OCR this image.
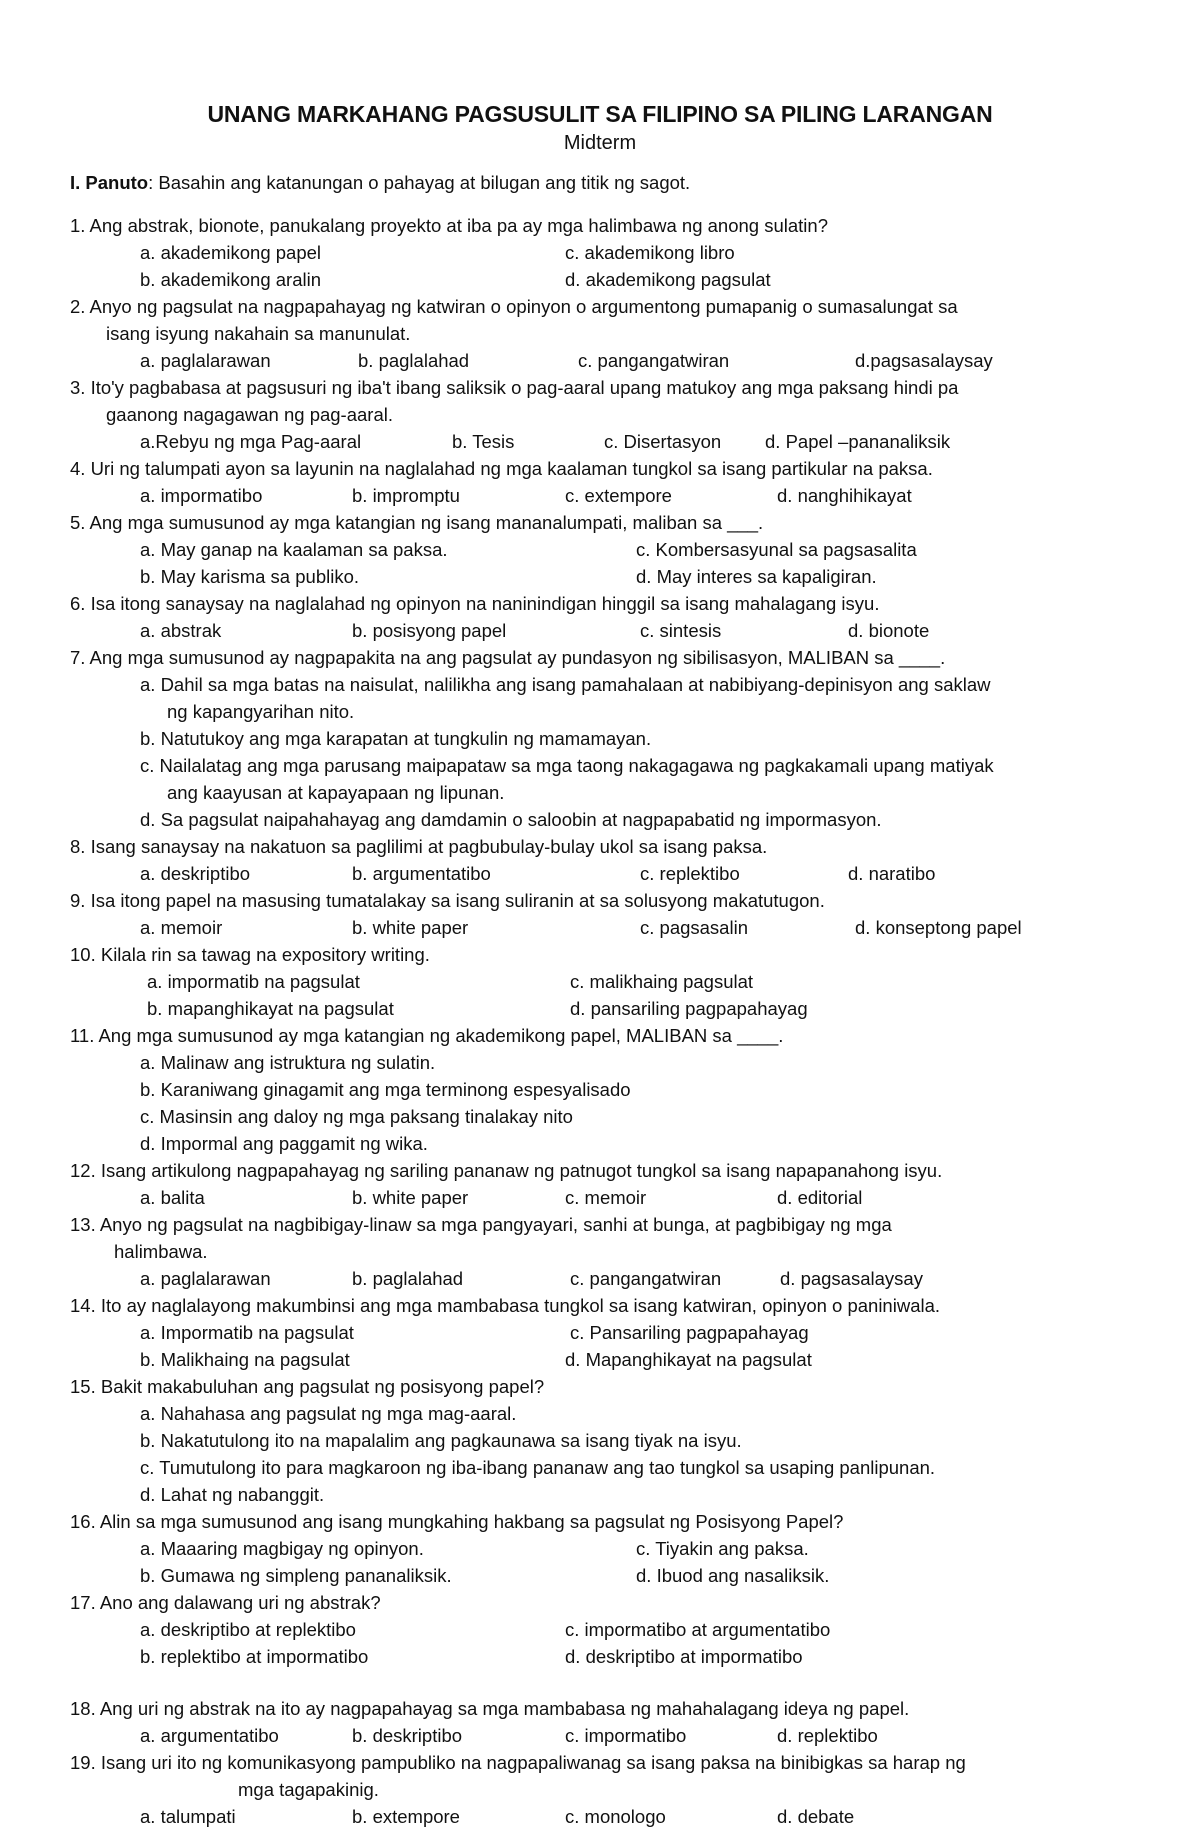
UNANG MARKAHANG PAGSUSULIT SA FILIPINO SA PILING LARANGAN
Midterm
I. Panuto: Basahin ang katanungan o pahayag at bilugan ang titik ng sagot.
1. Ang abstrak, bionote, panukalang proyekto at iba pa ay mga halimbawa ng anong sulatin?
a. akademikong papel	c. akademikong libro
b. akademikong aralin	d. akademikong pagsulat
2. Anyo ng pagsulat na nagpapahayag ng katwiran o opinyon o argumentong pumapanig o sumasalungat sa
isang isyung nakahain sa manunulat.
a. paglalarawan	b. paglalahad	c. pangangatwiran	d.pagsasalaysay
3. Ito'y pagbabasa at pagsusuri ng iba't ibang saliksik o pag-aaral upang matukoy ang mga paksang hindi pa
gaanong nagagawan ng pag-aaral.
a.Rebyu ng mga Pag-aaral	b. Tesis	c. Disertasyon d. Papel –pananaliksik
4. Uri ng talumpati ayon sa layunin na naglalahad ng mga kaalaman tungkol sa isang partikular na paksa.
a. impormatibo	b. impromptu	c. extempore	d. nanghihikayat
5. Ang mga sumusunod ay mga katangian ng isang mananalumpati, maliban sa ___.
a. May ganap na kaalaman sa paksa.	c. Kombersasyunal sa pagsasalita
b. May karisma sa publiko.	d. May interes sa kapaligiran.
6. Isa itong sanaysay na naglalahad ng opinyon na naninindigan hinggil sa isang mahalagang isyu.
a. abstrak	b. posisyong papel	c. sintesis	d. bionote
7. Ang mga sumusunod ay nagpapakita na ang pagsulat ay pundasyon ng sibilisasyon, MALIBAN sa ____.
a. Dahil sa mga batas na naisulat, nalilikha ang isang pamahalaan at nabibiyang-depinisyon ang saklaw
ng kapangyarihan nito.
b. Natutukoy ang mga karapatan at tungkulin ng mamamayan.
c. Nailalatag ang mga parusang maipapataw sa mga taong nakagagawa ng pagkakamali upang matiyak
ang kaayusan at kapayapaan ng lipunan.
d. Sa pagsulat naipahahayag ang damdamin o saloobin at nagpapabatid ng impormasyon.
8. Isang sanaysay na nakatuon sa paglilimi at pagbubulay-bulay ukol sa isang paksa.
a. deskriptibo	b. argumentatibo	c. replektibo	d. naratibo
9. Isa itong papel na masusing tumatalakay sa isang suliranin at sa solusyong makatutugon.
a. memoir	b. white paper	c. pagsasalin	d. konseptong papel
10. Kilala rin sa tawag na expository writing.
a. impormatib na pagsulat	c. malikhaing pagsulat
b. mapanghikayat na pagsulat	d. pansariling pagpapahayag
11. Ang mga sumusunod ay mga katangian ng akademikong papel, MALIBAN sa ____.
a. Malinaw ang istruktura ng sulatin.
b. Karaniwang ginagamit ang mga terminong espesyalisado
c. Masinsin ang daloy ng mga paksang tinalakay nito
d. Impormal ang paggamit ng wika.
12. Isang artikulong nagpapahayag ng sariling pananaw ng patnugot tungkol sa isang napapanahong isyu.
a. balita	b. white paper	c. memoir	d. editorial
13. Anyo ng pagsulat na nagbibigay-linaw sa mga pangyayari, sanhi at bunga, at pagbibigay ng mga
halimbawa.
a. paglalarawan	b. paglalahad	c. pangangatwiran	d. pagsasalaysay
14. Ito ay naglalayong makumbinsi ang mga mambabasa tungkol sa isang katwiran, opinyon o paniniwala.
a. Impormatib na pagsulat	c. Pansariling pagpapahayag
b. Malikhaing na pagsulat	d. Mapanghikayat na pagsulat
15. Bakit makabuluhan ang pagsulat ng posisyong papel?
a. Nahahasa ang pagsulat ng mga mag-aaral.
b. Nakatutulong ito na mapalalim ang pagkaunawa sa isang tiyak na isyu.
c. Tumutulong ito para magkaroon ng iba-ibang pananaw ang tao tungkol sa usaping panlipunan.
d. Lahat ng nabanggit.
16. Alin sa mga sumusunod ang isang mungkahing hakbang sa pagsulat ng Posisyong Papel?
a. Maaaring magbigay ng opinyon.	c. Tiyakin ang paksa.
b. Gumawa ng simpleng pananaliksik.	d. Ibuod ang nasaliksik.
17. Ano ang dalawang uri ng abstrak?
a. deskriptibo at replektibo	c. impormatibo at argumentatibo
b. replektibo at impormatibo	d. deskriptibo at impormatibo
18. Ang uri ng abstrak na ito ay nagpapahayag sa mga mambabasa ng mahahalagang ideya ng papel.
a. argumentatibo	b. deskriptibo	c. impormatibo	d. replektibo
19. Isang uri ito ng komunikasyong pampubliko na nagpapaliwanag sa isang paksa na binibigkas sa harap ng
mga tagapakinig.
a. talumpati	b. extempore	c. monologo	d. debate
